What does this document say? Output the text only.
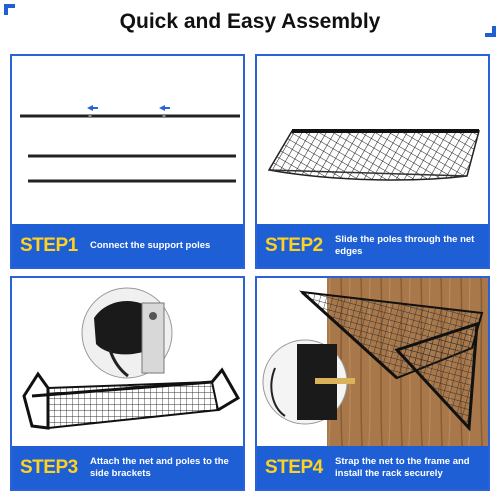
Quick and Easy Assembly
STEP1	Connect the support poles	STEP2	Slide the poles through the net edges
STEP3	Attach the net and poles to the side brackets	STEP4	Strap the net to the frame and install the rack securely
